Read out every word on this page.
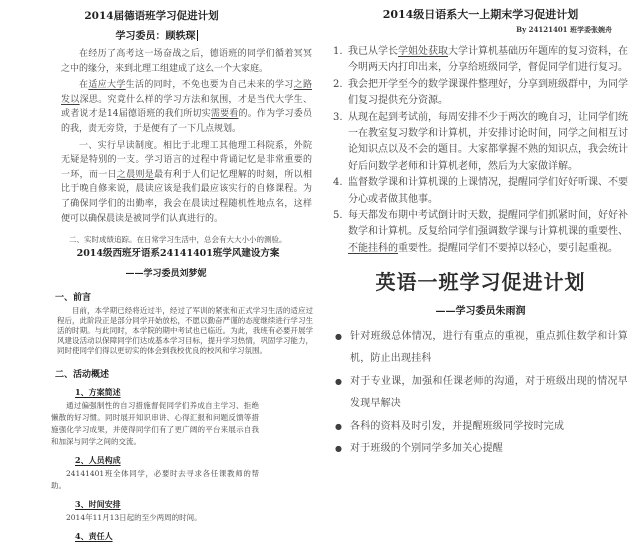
2014届德语班学习促进计划
学习委员：顾轶琛

在经历了高考这一场奋战之后，德语班的同学们循着冥冥之中的缘分，来到北理工组建成了这么一个大家庭。

在适应大学生活的同时，不免也要为自己未来的学习之路发以深思。究竟什么样的学习方法和氛围，才是当代大学生、或者说才是14届德语班的我们所切实需要看的。作为学习委员的我，责无旁贷，于是便有了一下几点规划。

一、实行早读制度。相比于北理工其他理工科院系，外院无疑是特别的一支。学习语言的过程中背诵记忆是非常重要的一环，而一日之晨则是最有利于人们记忆理解的时刻，所以相比于晚自修来说，晨读应该是我们最应该实行的自修课程。为了确保同学们的出勤率，我会在晨读过程随机性地点名，这样便可以确保晨读是被同学们认真进行的。

二、实时成绩追踪。在日常学习生活中，总会有大大小小的测验。

2014级西班牙语系24141401班学风建设方案
——学习委员刘梦妮
一、前言
目前，本学期已经将近过半，经过了军训的紧张和正式学习生活的适应过程后，此阶段正是部分同学开始放松，不愿以勤奋严谨的态度继续进行学习生活的时期。与此同时，本学院的期中考试也已临近。为此，我班有必要开展学风建设活动以保障同学们达成基本学习目标，提升学习热情，巩固学习能力，同时使同学们得以更切实的体会到我校优良的校风和学习氛围。
二、活动概述
1、方案简述
通过偏强制性的自习措施督促同学们养成自主学习、拒绝懒散的好习惯。同时展开知识串讲、心得汇报和问题反馈等措施强化学习成果，并使得同学们有了更广阔的平台来展示自我和加深与同学之间的交流。
2、人员构成
24141401班全体同学，必要时去寻求各任课教师的帮助。
3、时间安排
2014年11月13日起的至少两周的时间。
4、责任人
2014级日语系大一上期末学习促进计划
By 24121401 班学委张婉舟
1. 我已从学长学姐处获取大学计算机基础历年题库的复习资料，在今明两天内打印出来，分享给班级同学，督促同学们进行复习。
2. 我会把开学至今的数学课课件整理好，分享到班级群中，为同学们复习提供充分资源。
3. 从现在起到考试前，每周安排不少于两次的晚自习，让同学们统一在教室复习数学和计算机，并安排讨论时间，同学之间相互讨论知识点以及不会的题目。大家都掌握不熟的知识点，我会统计好后问数学老师和计算机老师，然后为大家做详解。
4. 监督数学课和计算机课的上课情况，提醒同学们好好听课、不要分心或者做其他事。
5. 每天都发布期中考试倒计时天数，提醒同学们抓紧时间，好好补数学和计算机。反复给同学们强调数学课与计算机课的重要性、不能挂科的重要性。提醒同学们不要掉以轻心，要引起重视。
英语一班学习促进计划
——学习委员朱雨润
● 针对班级总体情况，进行有重点的重视，重点抓住数学和计算机，防止出现挂科
● 对于专业课，加强和任课老师的沟通，对于班级出现的情况早发现早解决
● 各科的资料及时引发，并提醒班级同学按时完成
● 对于班级的个别同学多加关心提醒
